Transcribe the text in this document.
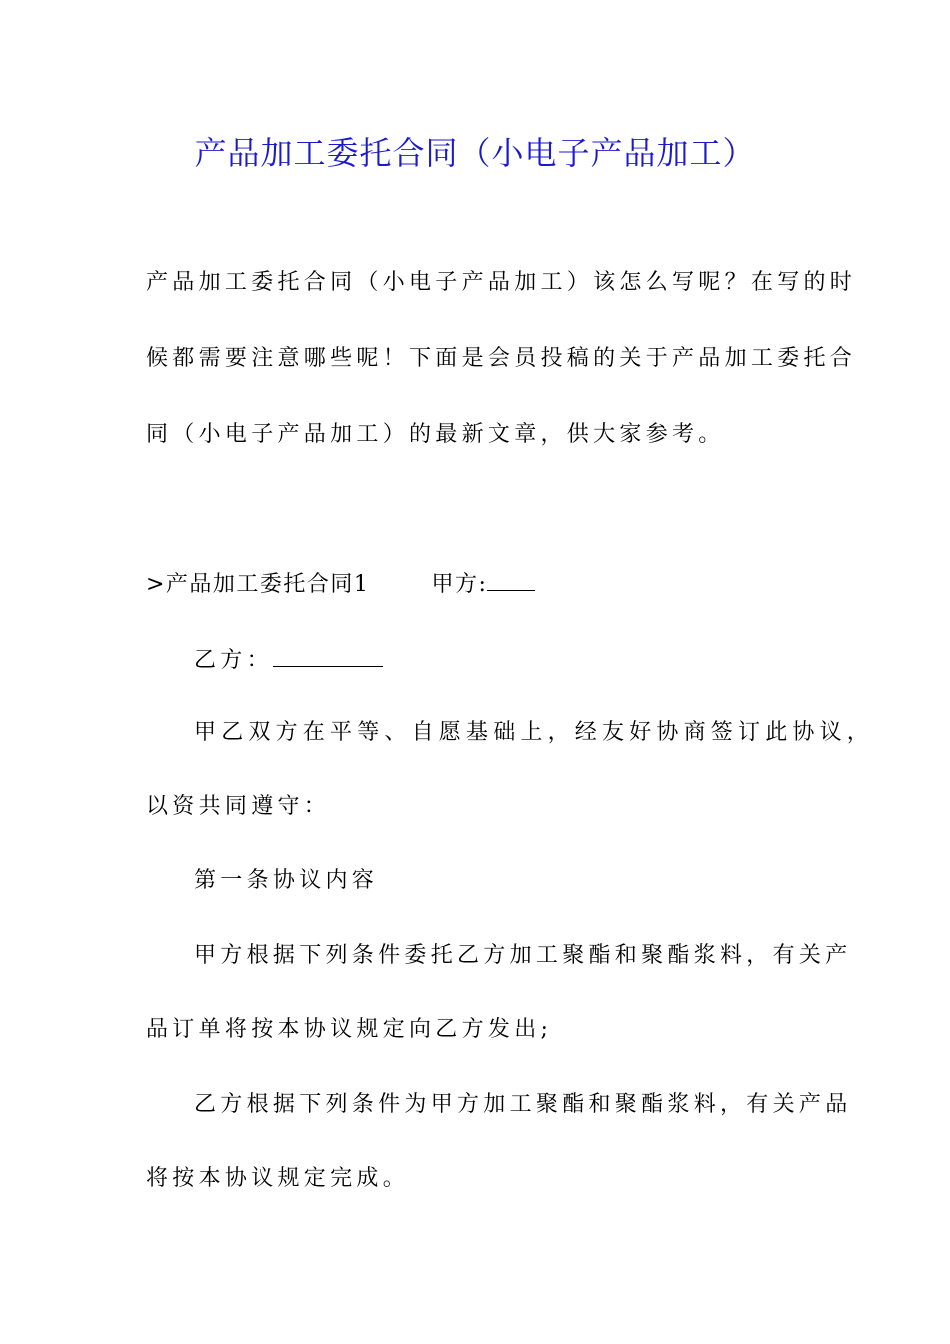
产品加工委托合同（小电子产品加工）

产品加工委托合同（小电子产品加工）该怎么写呢？在写的时

候都需要注意哪些呢！下面是会员投稿的关于产品加工委托合

同（小电子产品加工）的最新文章，供大家参考。

>产品加工委托合同1	甲方:

乙方：

甲乙双方在平等、自愿基础上，经友好协商签订此协议，

以资共同遵守：

第一条协议内容

甲方根据下列条件委托乙方加工聚酯和聚酯浆料，有关产

品订单将按本协议规定向乙方发出;

乙方根据下列条件为甲方加工聚酯和聚酯浆料，有关产品

将按本协议规定完成。
